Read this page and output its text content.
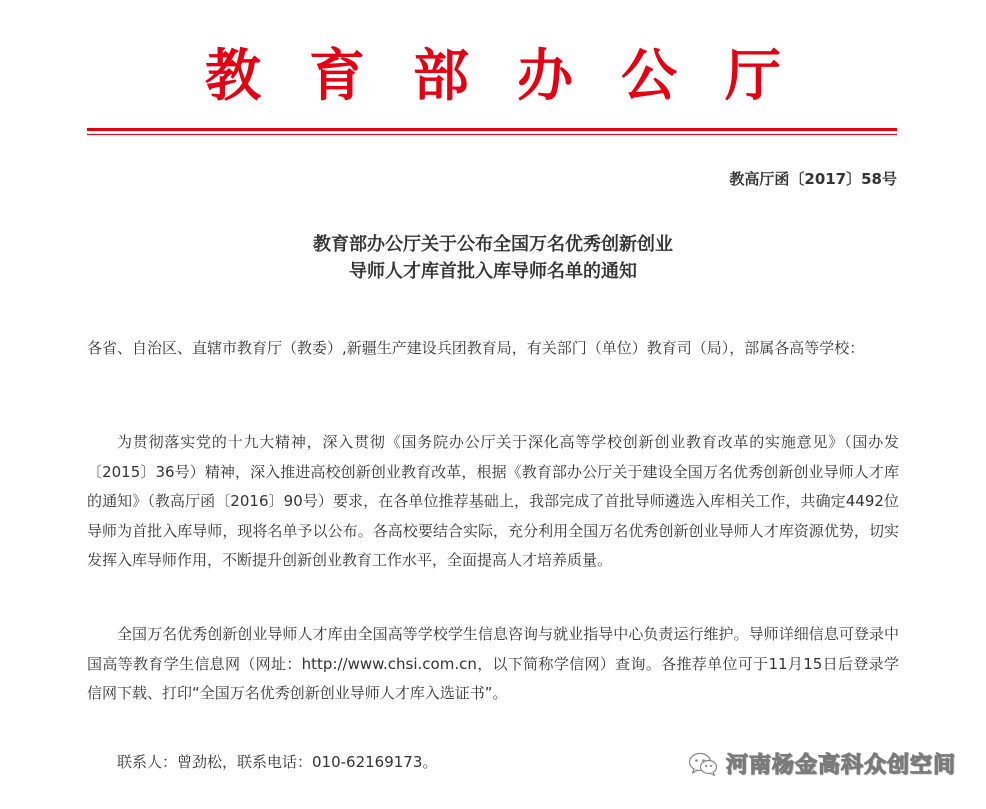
教育部办公厅
教高厅函〔2017〕58号
教育部办公厅关于公布全国万名优秀创新创业
导师人才库首批入库导师名单的通知
各省、自治区、直辖市教育厅（教委）,新疆生产建设兵团教育局，有关部门（单位）教育司（局），部属各高等学校：
为贯彻落实党的十九大精神，深入贯彻《国务院办公厅关于深化高等学校创新创业教育改革的实施意见》（国办发〔2015〕36号）精神，深入推进高校创新创业教育改革，根据《教育部办公厅关于建设全国万名优秀创新创业导师人才库的通知》（教高厅函〔2016〕90号）要求，在各单位推荐基础上，我部完成了首批导师遴选入库相关工作，共确定4492位导师为首批入库导师，现将名单予以公布。各高校要结合实际，充分利用全国万名优秀创新创业导师人才库资源优势，切实发挥入库导师作用，不断提升创新创业教育工作水平，全面提高人才培养质量。
全国万名优秀创新创业导师人才库由全国高等学校学生信息咨询与就业指导中心负责运行维护。导师详细信息可登录中国高等教育学生信息网（网址：http://www.chsi.com.cn，以下简称学信网）查询。各推荐单位可于11月15日后登录学信网下载、打印“全国万名优秀创新创业导师人才库入选证书”。
联系人：曾劲松，联系电话：010-62169173。	河南杨金高科众创空间
